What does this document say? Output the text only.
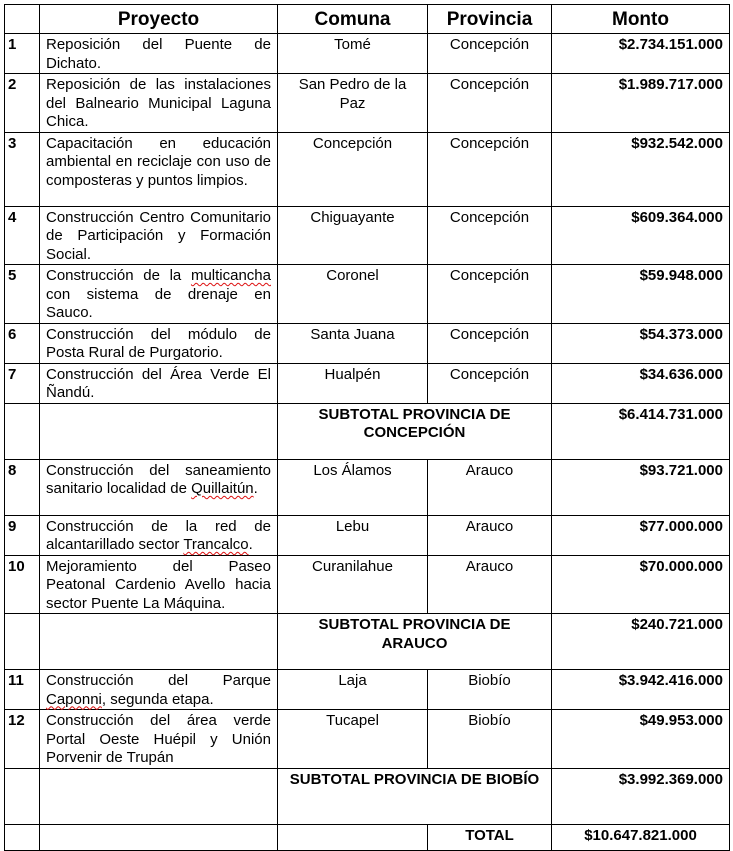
	Proyecto	Comuna	Provincia	Monto
1	Reposición del Puente de Dichato.	Tomé	Concepción	$2.734.151.000
2	Reposición de las instalaciones del Balneario Municipal Laguna Chica.	San Pedro de la Paz	Concepción	$1.989.717.000
3	Capacitación en educación ambiental en reciclaje con uso de composteras y puntos limpios.	Concepción	Concepción	$932.542.000
4	Construcción Centro Comunitario de Participación y Formación Social.	Chiguayante	Concepción	$609.364.000
5	Construcción de la multicancha con sistema de drenaje en Sauco.	Coronel	Concepción	$59.948.000
6	Construcción del módulo de Posta Rural de Purgatorio.	Santa Juana	Concepción	$54.373.000
7	Construcción del Área Verde El Ñandú.	Hualpén	Concepción	$34.636.000
		SUBTOTAL PROVINCIA DE CONCEPCIÓN		$6.414.731.000
8	Construcción del saneamiento sanitario localidad de Quillaitún.	Los Álamos	Arauco	$93.721.000
9	Construcción de la red de alcantarillado sector Trancalco.	Lebu	Arauco	$77.000.000
10	Mejoramiento del Paseo Peatonal Cardenio Avello hacia sector Puente La Máquina.	Curanilahue	Arauco	$70.000.000
		SUBTOTAL PROVINCIA DE ARAUCO		$240.721.000
11	Construcción del Parque Caponni, segunda etapa.	Laja	Biobío	$3.942.416.000
12	Construcción del área verde Portal Oeste Huépil y Unión Porvenir de Trupán	Tucapel	Biobío	$49.953.000
		SUBTOTAL PROVINCIA DE BIOBÍO		$3.992.369.000
			TOTAL	$10.647.821.000
